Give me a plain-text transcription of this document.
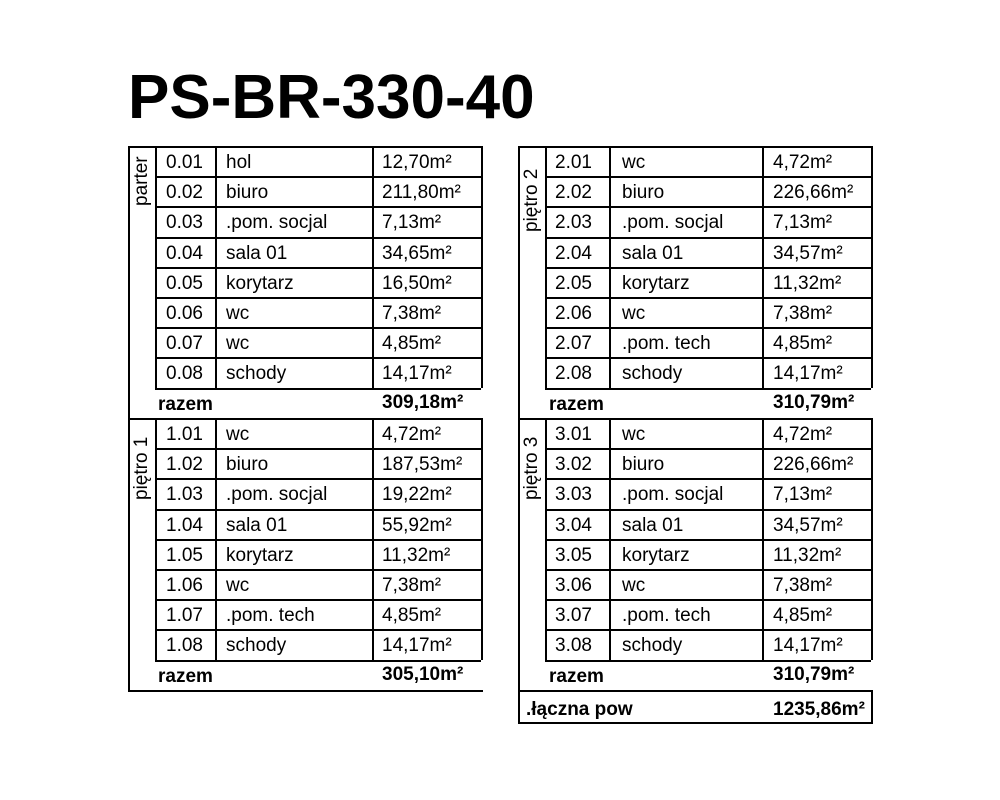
PS-BR-330-40
parter 0.01 hol	12,70m²
0.02 biuro	211,80m²
0.03 .pom. socjal	7,13m²
0.04 sala 01	34,65m²
0.05 korytarz	16,50m²
0.06 wc	7,38m²
0.07 wc	4,85m²
0.08 schody	14,17m²
razem	309,18m²
piętro 1
1.01 wc	4,72m²
1.02 biuro	187,53m²
1.03 .pom. socjal	19,22m²
1.04 sala 01	55,92m²
1.05 korytarz	11,32m²
1.06 wc	7,38m²
1.07 .pom. tech	4,85m²
1.08 schody	14,17m²
razem	305,10m²
piętro 2
2.01 wc	4,72m²
2.02 biuro	226,66m²
2.03 .pom. socjal	7,13m²
2.04 sala 01	34,57m²
2.05 korytarz	11,32m²
2.06 wc	7,38m²
2.07 .pom. tech	4,85m²
2.08 schody	14,17m²
razem	310,79m²
piętro 3
3.01 wc	4,72m²
3.02 biuro	226,66m²
3.03 .pom. socjal	7,13m²
3.04 sala 01	34,57m²
3.05 korytarz	11,32m²
3.06 wc	7,38m²
3.07 .pom. tech	4,85m²
3.08 schody	14,17m²
razem	310,79m²
.łączna pow	1235,86m²
